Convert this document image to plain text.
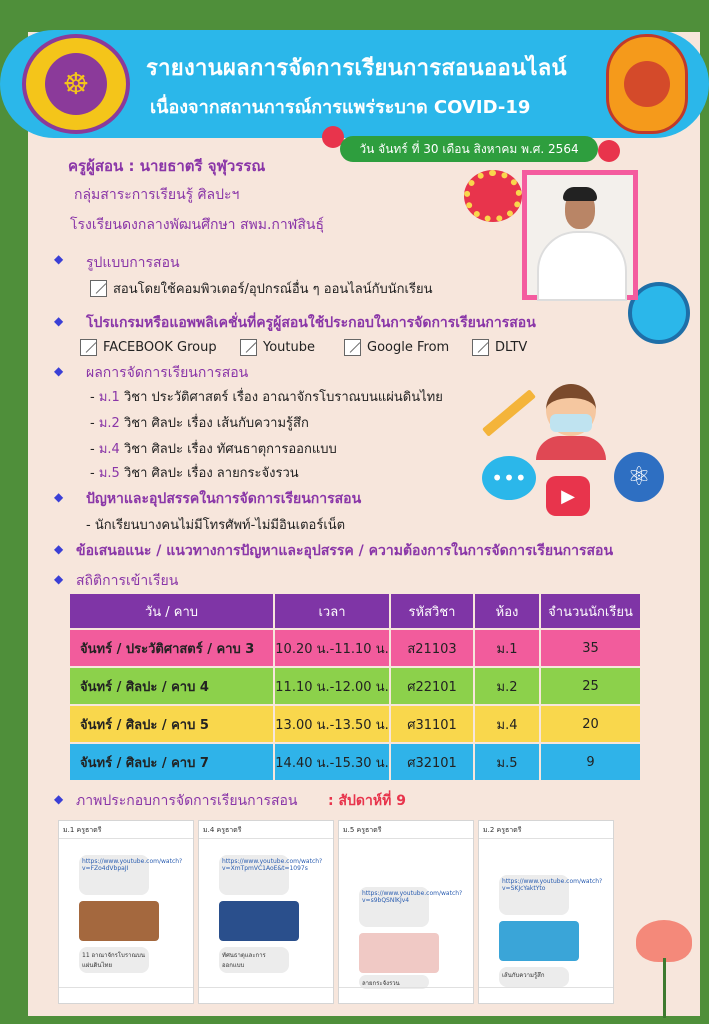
☸	รายงานผลการจัดการเรียนการสอนออนไลน์
เนื่องจากสถานการณ์การแพร่ระบาด COVID-19
วัน จันทร์ ที่ 30 เดือน สิงหาคม พ.ศ. 2564
ครูผู้สอน : นายธาตรี จุฬุวรรณ
กลุ่มสาระการเรียนรู้ ศิลปะฯ
โรงเรียนดงกลางพัฒนศึกษา สพม.กาฬสินธุ์
◆ รูปแบบการสอน
สอนโดยใช้คอมพิวเตอร์/อุปกรณ์อื่น ๆ ออนไลน์กับนักเรียน
◆ โปรแกรมหรือแอพพลิเคชั่นที่ครูผู้สอนใช้ประกอบในการจัดการเรียนการสอน
FACEBOOK Group	Youtube	Google From	DLTV
◆ ผลการจัดการเรียนการสอน
- ม.1 วิชา ประวัติศาสตร์ เรื่อง อาณาจักรโบราณบนแผ่นดินไทย
- ม.2 วิชา ศิลปะ เรื่อง เส้นกับความรู้สึก
- ม.4 วิชา ศิลปะ เรื่อง ทัศนธาตุการออกแบบ
- ม.5 วิชา ศิลปะ เรื่อง ลายกระจังรวน	•••
▶
⚛
◆ ปัญหาและอุปสรรคในการจัดการเรียนการสอน
- นักเรียนบางคนไม่มีโทรศัพท์-ไม่มีอินเตอร์เน็ต
◆ ข้อเสนอแนะ / แนวทางการปัญหาและอุปสรรค / ความต้องการในการจัดการเรียนการสอน
◆ สถิติการเข้าเรียน
วัน / คาบ	เวลา	รหัสวิชา	ห้อง	จำนวนนักเรียน
จันทร์ / ประวัติศาสตร์ / คาบ 3	10.20 น.-11.10 น.	ส21103	ม.1	35
จันทร์ / ศิลปะ / คาบ 4	11.10 น.-12.00 น.	ศ22101	ม.2	25
จันทร์ / ศิลปะ / คาบ 5	13.00 น.-13.50 น.	ศ31101	ม.4	20
จันทร์ / ศิลปะ / คาบ 7	14.40 น.-15.30 น.	ศ32101	ม.5	9
◆ ภาพประกอบการจัดการเรียนการสอน : สัปดาห์ที่ 9
ม.1 ครูธาตรี
https://www.youtube.com/watch?v=FZo4dVbpaJI
11 อาณาจักรโบราณบนแผ่นดินไทย
ม.4 ครูธาตรี
https://www.youtube.com/watch?v=XmTpmVC1AoE&t=1097s
ทัศนธาตุและการออกแบบ
ม.5 ครูธาตรี
https://www.youtube.com/watch?v=s9bQSNlKJv4
ลายกระจังรวน
ม.2 ครูธาตรี
https://www.youtube.com/watch?v=SKJcYaktYto
เส้นกับความรู้สึก
